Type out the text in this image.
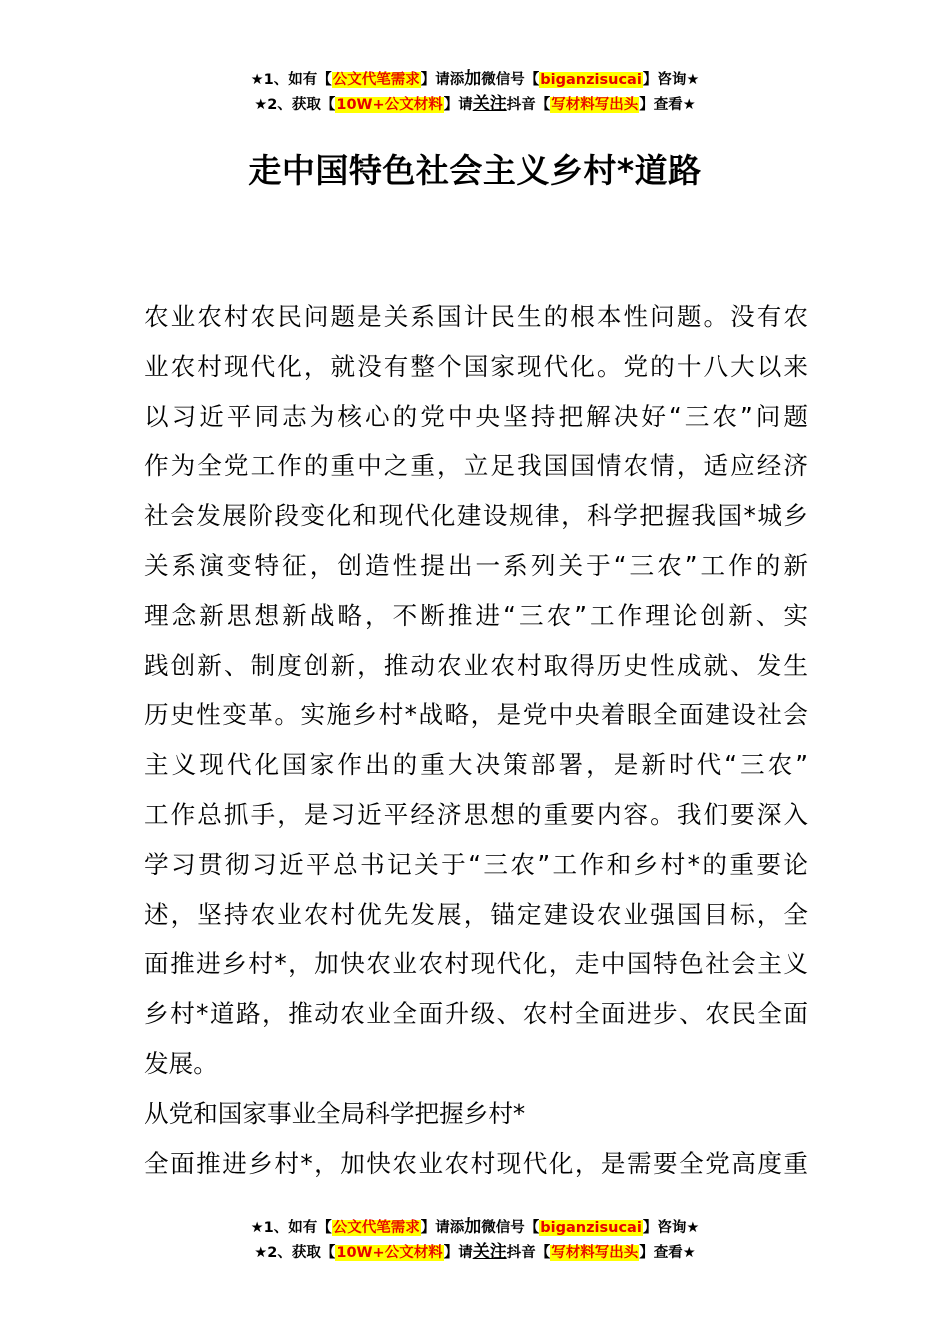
★1、如有【公文代笔需求】请添加微信号【biganzisucai】咨询★
★2、获取【10W+公文材料】请关注抖音【写材料写出头】查看★
走中国特色社会主义乡村*道路
农业农村农民问题是关系国计民生的根本性问题。没有农
业农村现代化，就没有整个国家现代化。党的十八大以来
以习近平同志为核心的党中央坚持把解决好“三农”问题
作为全党工作的重中之重，立足我国国情农情，适应经济
社会发展阶段变化和现代化建设规律，科学把握我国*城乡
关系演变特征，创造性提出一系列关于“三农”工作的新
理念新思想新战略，不断推进“三农”工作理论创新、实
践创新、制度创新，推动农业农村取得历史性成就、发生
历史性变革。实施乡村*战略，是党中央着眼全面建设社会
主义现代化国家作出的重大决策部署，是新时代“三农”
工作总抓手，是习近平经济思想的重要内容。我们要深入
学习贯彻习近平总书记关于“三农”工作和乡村*的重要论
述，坚持农业农村优先发展，锚定建设农业强国目标，全
面推进乡村*，加快农业农村现代化，走中国特色社会主义
乡村*道路，推动农业全面升级、农村全面进步、农民全面
发展。
从党和国家事业全局科学把握乡村*
全面推进乡村*，加快农业农村现代化，是需要全党高度重
★1、如有【公文代笔需求】请添加微信号【biganzisucai】咨询★
★2、获取【10W+公文材料】请关注抖音【写材料写出头】查看★
